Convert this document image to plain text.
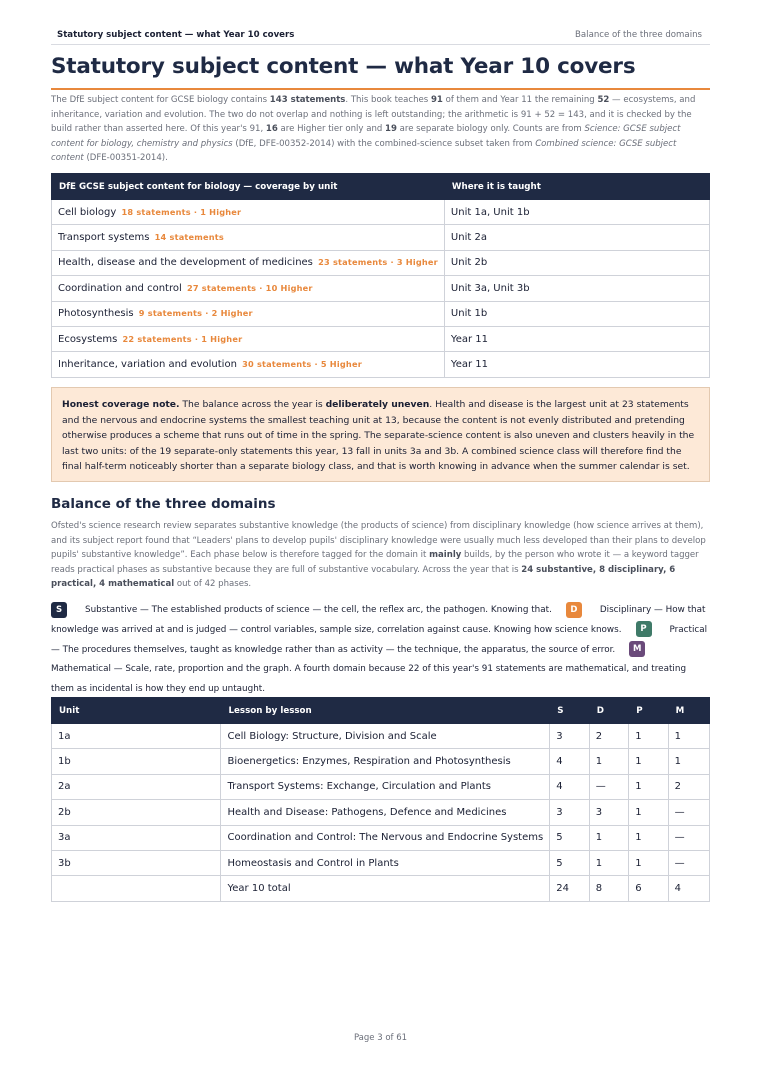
Statutory subject content — what Year 10 covers	Balance of the three domains
Statutory subject content — what Year 10 covers

The DfE subject content for GCSE biology contains 143 statements. This book teaches 91 of them and Year 11 the remaining 52 — ecosystems, and inheritance, variation and evolution. The two do not overlap and nothing is left outstanding; the arithmetic is 91 + 52 = 143, and it is checked by the build rather than asserted here. Of this year's 91, 16 are Higher tier only and 19 are separate biology only. Counts are from Science: GCSE subject content for biology, chemistry and physics (DfE, DFE-00352-2014) with the combined-science subset taken from Combined science: GCSE subject content (DFE-00351-2014).

DfE GCSE subject content for biology — coverage by unit	Where it is taught
Cell biology 18 statements · 1 Higher	Unit 1a, Unit 1b
Transport systems 14 statements	Unit 2a
Health, disease and the development of medicines 23 statements · 3 Higher	Unit 2b
Coordination and control 27 statements · 10 Higher	Unit 3a, Unit 3b
Photosynthesis 9 statements · 2 Higher	Unit 1b
Ecosystems 22 statements · 1 Higher	Year 11
Inheritance, variation and evolution 30 statements · 5 Higher	Year 11
Honest coverage note. The balance across the year is deliberately uneven. Health and disease is the largest unit at 23 statements and the nervous and endocrine systems the smallest teaching unit at 13, because the content is not evenly distributed and pretending otherwise produces a scheme that runs out of time in the spring. The separate-science content is also uneven and clusters heavily in the last two units: of the 19 separate-only statements this year, 13 fall in units 3a and 3b. A combined science class will therefore find the final half-term noticeably shorter than a separate biology class, and that is worth knowing in advance when the summer calendar is set.
Balance of the three domains

Ofsted's science research review separates substantive knowledge (the products of science) from disciplinary knowledge (how science arrives at them), and its subject report found that “Leaders' plans to develop pupils' disciplinary knowledge were usually much less developed than their plans to develop pupils' substantive knowledge”. Each phase below is therefore tagged for the domain it mainly builds, by the person who wrote it — a keyword tagger reads practical phases as substantive because they are full of substantive vocabulary. Across the year that is 24 substantive, 8 disciplinary, 6 practical, 4 mathematical out of 42 phases.

S	Substantive — The established products of science — the cell, the reflex arc, the pathogen. Knowing that. D	Disciplinary — How that knowledge was arrived at and is judged — control variables, sample size, correlation against cause. Knowing how science knows. P	Practical — The procedures themselves, taught as knowledge rather than as activity — the technique, the apparatus, the source of error. MMathematical — Scale, rate, proportion and the graph. A fourth domain because 22 of this year's 91 statements are mathematical, and treating them as incidental is how they end up untaught.
Unit	Lesson by lesson	S	D	P	M
1a	Cell Biology: Structure, Division and Scale	3	2	1	1
1b	Bioenergetics: Enzymes, Respiration and Photosynthesis	4	1	1	1
2a	Transport Systems: Exchange, Circulation and Plants	4	—	1	2
2b	Health and Disease: Pathogens, Defence and Medicines	3	3	1	—
3a	Coordination and Control: The Nervous and Endocrine Systems	5	1	1	—
3b	Homeostasis and Control in Plants	5	1	1	—
	Year 10 total	24	8	6	4
Page 3 of 61
